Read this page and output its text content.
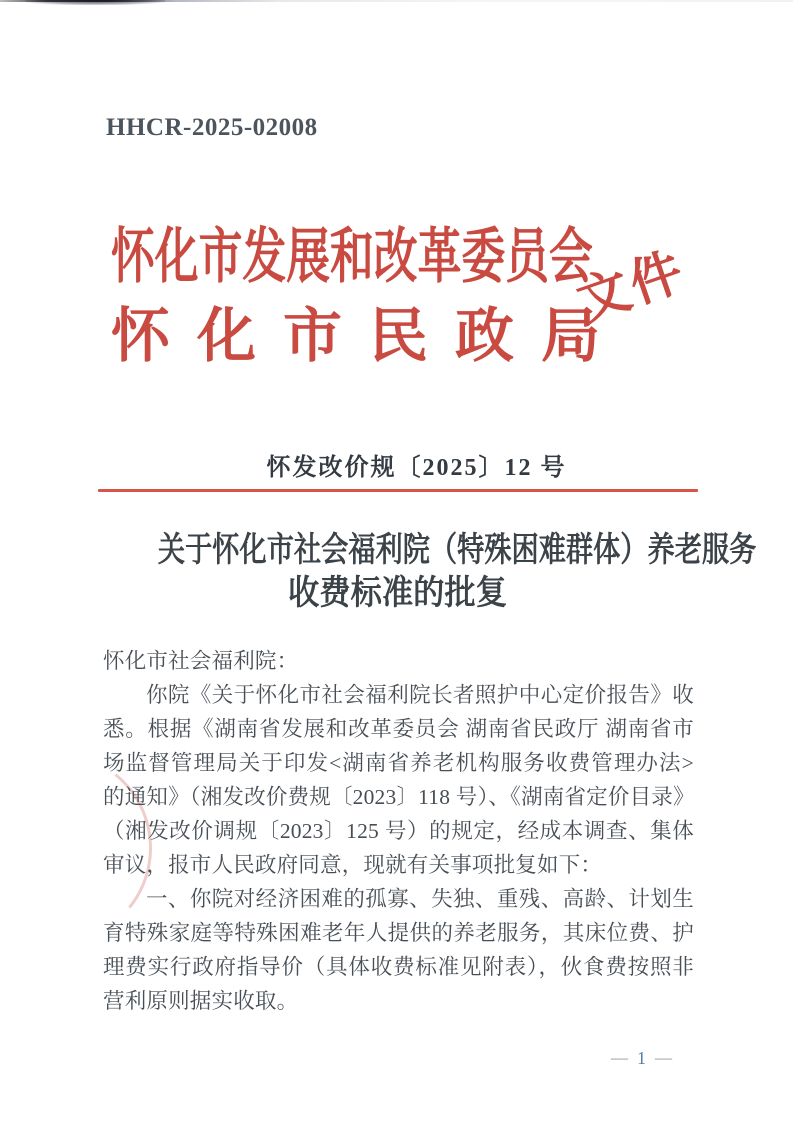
HHCR-2025-02008
怀化市发展和改革委员会
怀化市民政局
文件
怀发改价规〔2025〕12 号
关于怀化市社会福利院（特殊困难群体）养老服务
收费标准的批复
怀化市社会福利院：
你院《关于怀化市社会福利院长者照护中心定价报告》收
悉。根据《湖南省发展和改革委员会 湖南省民政厅 湖南省市
场监督管理局关于印发<湖南省养老机构服务收费管理办法>
的通知》（湘发改价费规〔2023〕118 号）、《湖南省定价目录》
（湘发改价调规〔2023〕125 号）的规定，经成本调查、集体
审议，报市人民政府同意，现就有关事项批复如下：
一、你院对经济困难的孤寡、失独、重残、高龄、计划生
育特殊家庭等特殊困难老年人提供的养老服务，其床位费、护
理费实行政府指导价（具体收费标准见附表），伙食费按照非
营利原则据实收取。
— 1 —
